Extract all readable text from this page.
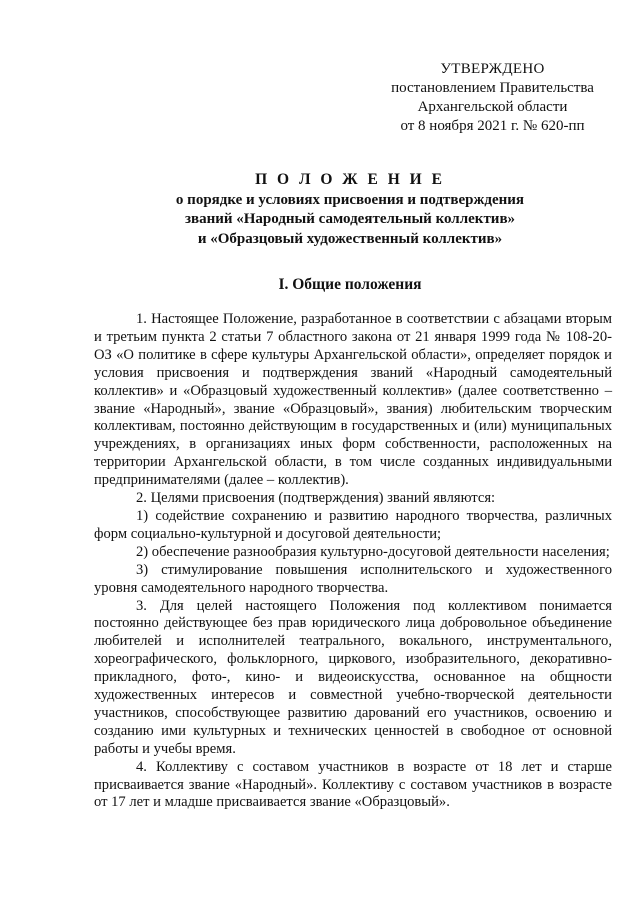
УТВЕРЖДЕНО
постановлением Правительства
Архангельской области
от 8 ноября 2021 г. № 620-пп
П О Л О Ж Е Н И Е
о порядке и условиях присвоения и подтверждения
званий «Народный самодеятельный коллектив»
и «Образцовый художественный коллектив»
I. Общие положения

1. Настоящее Положение, разработанное в соответствии с абзацами вторым и третьим пункта 2 статьи 7 областного закона от 21 января 1999 года № 108-20-ОЗ «О политике в сфере культуры Архангельской области», определяет порядок и условия присвоения и подтверждения званий «Народный самодеятельный коллектив» и «Образцовый художественный коллектив» (далее соответственно – звание «Народный», звание «Образцовый», звания) любительским творческим коллективам, постоянно действующим в государственных и (или) муниципальных учреждениях, в организациях иных форм собственности, расположенных на территории Архангельской области, в том числе созданных индивидуальными предпринимателями (далее – коллектив).

2. Целями присвоения (подтверждения) званий являются:

1) содействие сохранению и развитию народного творчества, различных форм социально-культурной и досуговой деятельности;

2) обеспечение разнообразия культурно-досуговой деятельности населения;

3) стимулирование повышения исполнительского и художественного уровня самодеятельного народного творчества.

3. Для целей настоящего Положения под коллективом понимается постоянно действующее без прав юридического лица добровольное объединение любителей и исполнителей театрального, вокального, инструментального, хореографического, фольклорного, циркового, изобразительного, декоративно-прикладного, фото-, кино- и видеоискусства, основанное на общности художественных интересов и совместной учебно-творческой деятельности участников, способствующее развитию дарований его участников, освоению и созданию ими культурных и технических ценностей в свободное от основной работы и учебы время.

4. Коллективу с составом участников в возрасте от 18 лет и старше присваивается звание «Народный». Коллективу с составом участников в возрасте от 17 лет и младше присваивается звание «Образцовый».
